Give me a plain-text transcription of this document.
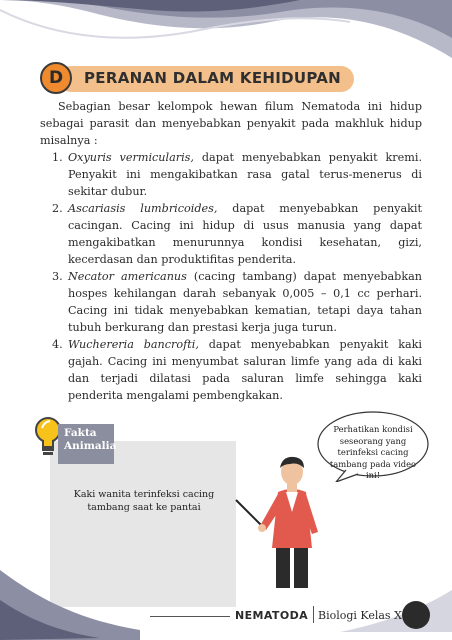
D	PERANAN DALAM KEHIDUPAN

Sebagian besar kelompok hewan filum Nematoda ini hidup sebagai parasit dan menyebabkan penyakit pada makhluk hidup misalnya :

1. Oxyuris vermicularis, dapat menyebabkan penyakit kremi. Penyakit ini mengakibatkan rasa gatal terus-menerus di sekitar dubur.
2. Ascariasis lumbricoides, dapat menyebabkan penyakit cacingan. Cacing ini hidup di usus manusia yang dapat mengakibatkan menurunnya kondisi kesehatan, gizi, kecerdasan dan produktifitas penderita.
3. Necator americanus (cacing tambang) dapat menyebabkan hospes kehilangan darah sebanyak 0,005 – 0,1 cc perhari. Cacing ini tidak menyebabkan kematian, tetapi daya tahan tubuh berkurang dan prestasi kerja juga turun.
4. Wuchereria bancrofti, dapat menyebabkan penyakit kaki gajah. Cacing ini menyumbat saluran limfe yang ada di kaki dan terjadi dilatasi pada saluran limfe sehingga kaki penderita mengalami pembengkakan.
Fakta
Animalia
Kaki wanita terinfeksi cacing tambang saat ke pantai
Perhatikan kondisi seseorang yang terinfeksi cacing tambang pada video ini!
NEMATODA Biologi Kelas X
